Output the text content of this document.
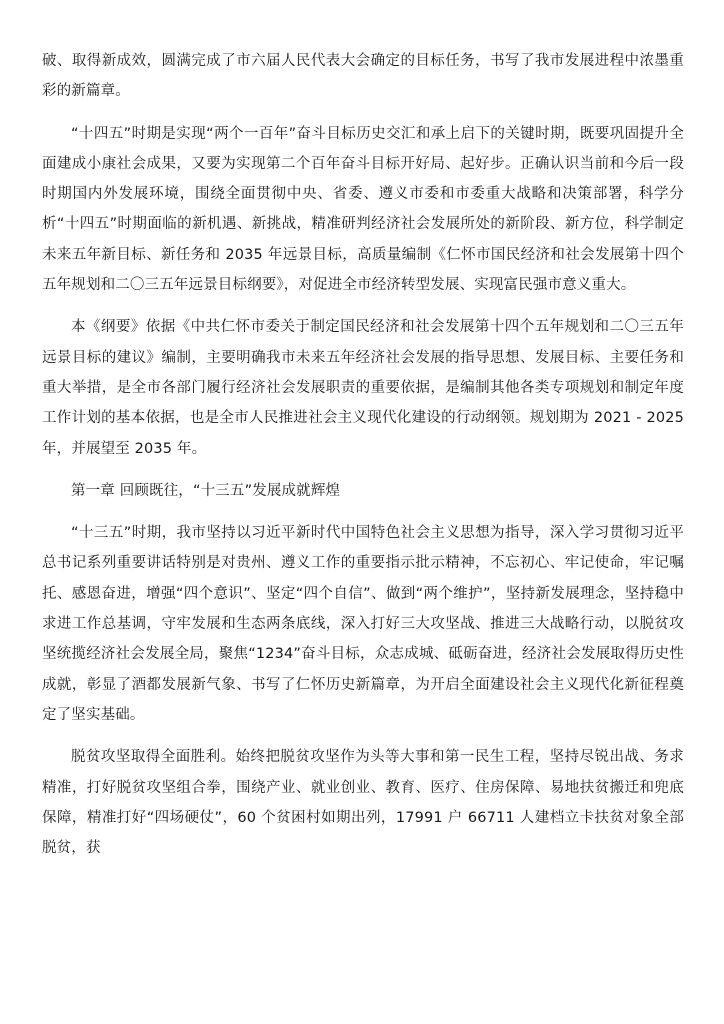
破、取得新成效，圆满完成了市六届人民代表大会确定的目标任务，书写了我市发展进程中浓墨重彩的新篇章。

“十四五”时期是实现“两个一百年”奋斗目标历史交汇和承上启下的关键时期，既要巩固提升全面建成小康社会成果，又要为实现第二个百年奋斗目标开好局、起好步。正确认识当前和今后一段时期国内外发展环境，围绕全面贯彻中央、省委、遵义市委和市委重大战略和决策部署，科学分析“十四五”时期面临的新机遇、新挑战，精准研判经济社会发展所处的新阶段、新方位，科学制定未来五年新目标、新任务和 2035 年远景目标，高质量编制《仁怀市国民经济和社会发展第十四个五年规划和二〇三五年远景目标纲要》，对促进全市经济转型发展、实现富民强市意义重大。

本《纲要》依据《中共仁怀市委关于制定国民经济和社会发展第十四个五年规划和二〇三五年远景目标的建议》编制，主要明确我市未来五年经济社会发展的指导思想、发展目标、主要任务和重大举措，是全市各部门履行经济社会发展职责的重要依据，是编制其他各类专项规划和制定年度工作计划的基本依据，也是全市人民推进社会主义现代化建设的行动纲领。规划期为 2021 - 2025 年，并展望至 2035 年。

第一章 回顾既往，“十三五”发展成就辉煌

“十三五”时期，我市坚持以习近平新时代中国特色社会主义思想为指导，深入学习贯彻习近平总书记系列重要讲话特别是对贵州、遵义工作的重要指示批示精神，不忘初心、牢记使命，牢记嘱托、感恩奋进，增强“四个意识”、坚定“四个自信”、做到“两个维护”，坚持新发展理念，坚持稳中求进工作总基调，守牢发展和生态两条底线，深入打好三大攻坚战、推进三大战略行动，以脱贫攻坚统揽经济社会发展全局，聚焦“1234”奋斗目标，众志成城、砥砺奋进，经济社会发展取得历史性成就，彰显了酒都发展新气象、书写了仁怀历史新篇章，为开启全面建设社会主义现代化新征程奠定了坚实基础。

脱贫攻坚取得全面胜利。始终把脱贫攻坚作为头等大事和第一民生工程，坚持尽锐出战、务求精准，打好脱贫攻坚组合拳，围绕产业、就业创业、教育、医疗、住房保障、易地扶贫搬迁和兜底保障，精准打好“四场硬仗”，60 个贫困村如期出列，17991 户 66711 人建档立卡扶贫对象全部脱贫，获
